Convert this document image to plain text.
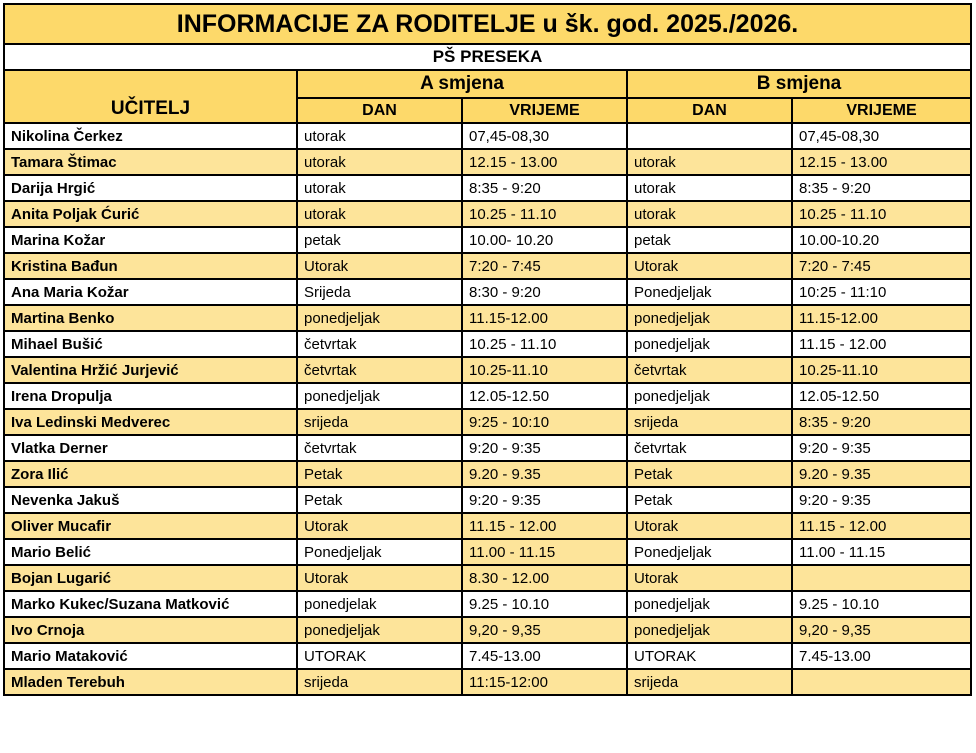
INFORMACIJE ZA RODITELJE u šk. god. 2025./2026.				
PŠ PRESEKA				
UČITELJ	A smjena		B smjena	
	DAN	VRIJEME	DAN	VRIJEME
Nikolina Čerkez	utorak	07,45-08,30		07,45-08,30
Tamara Štimac	utorak	12.15 - 13.00	utorak	12.15 - 13.00
Darija Hrgić	utorak	8:35 - 9:20	utorak	8:35 - 9:20
Anita Poljak Ćurić	utorak	10.25 - 11.10	utorak	10.25 - 11.10
Marina Kožar	petak	10.00- 10.20	petak	10.00-10.20
Kristina Bađun	Utorak	7:20 - 7:45	Utorak	7:20 - 7:45
Ana Maria Kožar	Srijeda	8:30 - 9:20	Ponedjeljak	10:25 - 11:10
Martina Benko	ponedjeljak	11.15-12.00	ponedjeljak	11.15-12.00
Mihael Bušić	četvrtak	10.25 - 11.10	ponedjeljak	11.15 - 12.00
Valentina Hržić Jurjević	četvrtak	10.25-11.10	četvrtak	10.25-11.10
Irena Dropulja	ponedjeljak	12.05-12.50	ponedjeljak	12.05-12.50
Iva Ledinski Medverec	srijeda	9:25 - 10:10	srijeda	8:35 - 9:20
Vlatka Derner	četvrtak	9:20 - 9:35	četvrtak	9:20 - 9:35
Zora Ilić	Petak	9.20 - 9.35	Petak	9.20 - 9.35
Nevenka Jakuš	Petak	9:20 - 9:35	Petak	9:20 - 9:35
Oliver Mucafir	Utorak	11.15 - 12.00	Utorak	11.15 - 12.00
Mario Belić	Ponedjeljak	11.00 - 11.15	Ponedjeljak	11.00 - 11.15
Bojan Lugarić	Utorak	8.30 - 12.00	Utorak	
Marko Kukec/Suzana Matković	ponedjelak	9.25 - 10.10	ponedjeljak	9.25 - 10.10
Ivo Crnoja	ponedjeljak	9,20 - 9,35	ponedjeljak	9,20 - 9,35
Mario Mataković	UTORAK	7.45-13.00	UTORAK	7.45-13.00
Mladen Terebuh	srijeda	11:15-12:00	srijeda	
